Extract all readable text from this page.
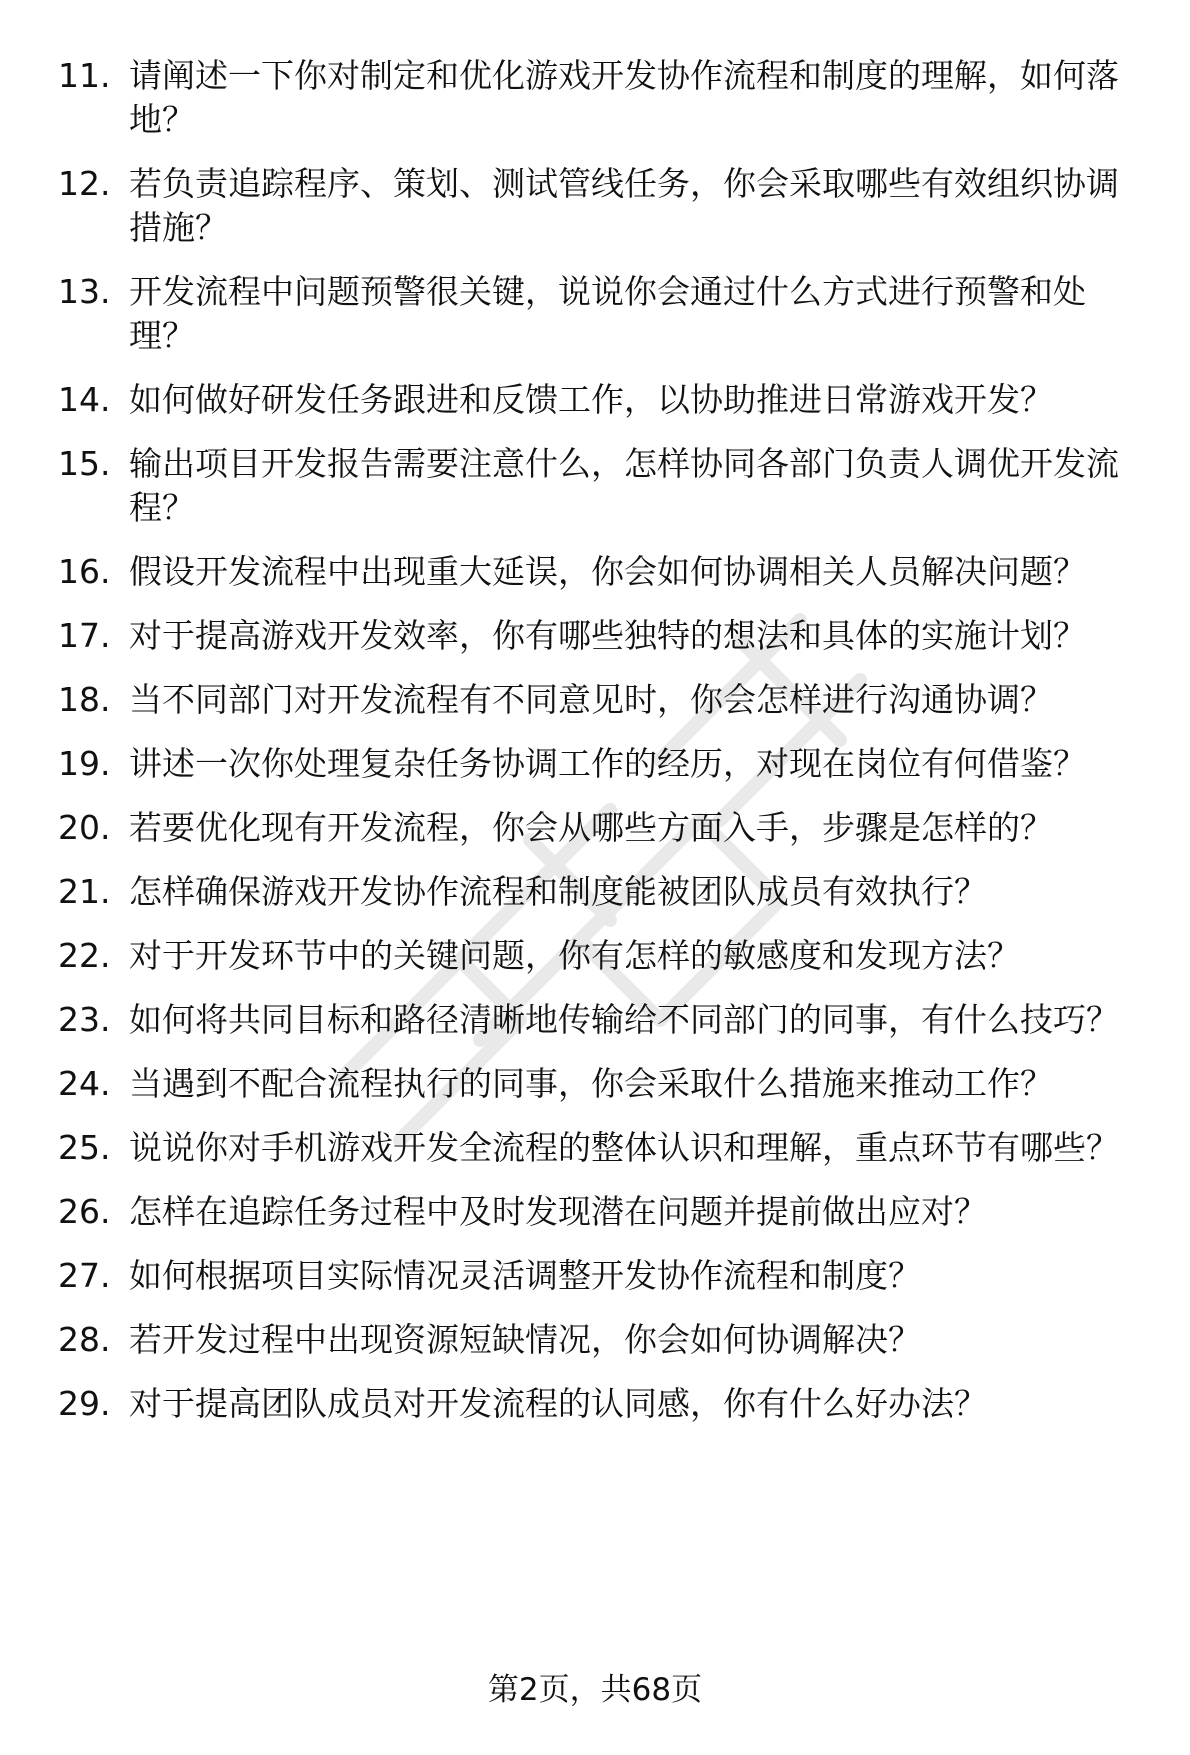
11. 请阐述一下你对制定和优化游戏开发协作流程和制度的理解，如何落地？
12. 若负责追踪程序、策划、测试管线任务，你会采取哪些有效组织协调措施？
13. 开发流程中问题预警很关键，说说你会通过什么方式进行预警和处理？
14. 如何做好研发任务跟进和反馈工作，以协助推进日常游戏开发？
15. 输出项目开发报告需要注意什么，怎样协同各部门负责人调优开发流程？
16. 假设开发流程中出现重大延误，你会如何协调相关人员解决问题？
17. 对于提高游戏开发效率，你有哪些独特的想法和具体的实施计划？
18. 当不同部门对开发流程有不同意见时，你会怎样进行沟通协调？
19. 讲述一次你处理复杂任务协调工作的经历，对现在岗位有何借鉴？
20. 若要优化现有开发流程，你会从哪些方面入手，步骤是怎样的？
21. 怎样确保游戏开发协作流程和制度能被团队成员有效执行？
22. 对于开发环节中的关键问题，你有怎样的敏感度和发现方法？
23. 如何将共同目标和路径清晰地传输给不同部门的同事，有什么技巧？
24. 当遇到不配合流程执行的同事，你会采取什么措施来推动工作？
25. 说说你对手机游戏开发全流程的整体认识和理解，重点环节有哪些？
26. 怎样在追踪任务过程中及时发现潜在问题并提前做出应对？
27. 如何根据项目实际情况灵活调整开发协作流程和制度？
28. 若开发过程中出现资源短缺情况，你会如何协调解决？
29. 对于提高团队成员对开发流程的认同感，你有什么好办法？
第2页，共68页
